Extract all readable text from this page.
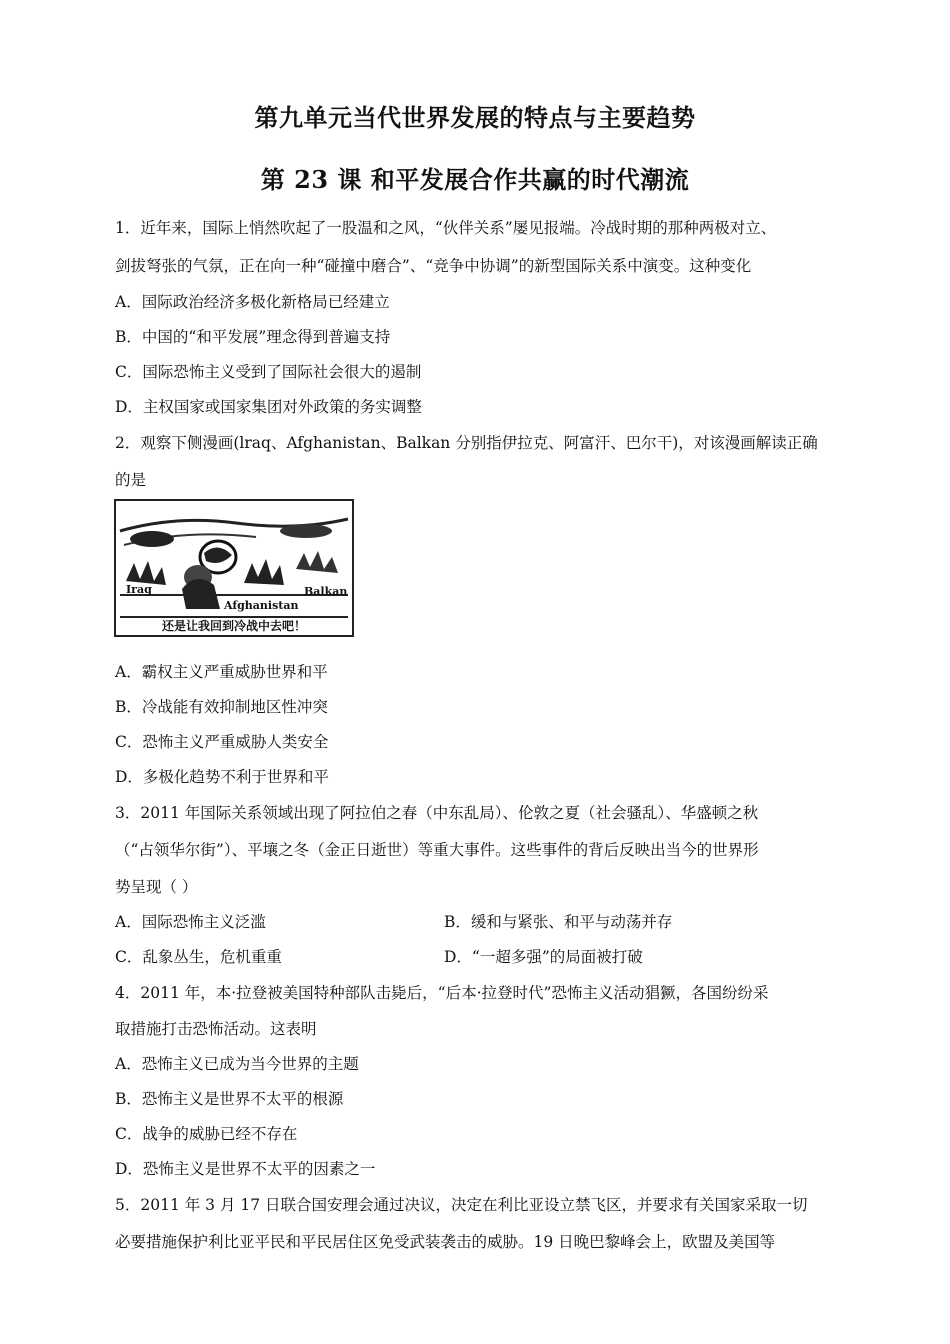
第九单元当代世界发展的特点与主要趋势
第 23 课 和平发展合作共赢的时代潮流
1．近年来，国际上悄然吹起了一股温和之风，“伙伴关系”屡见报端。冷战时期的那种两极对立、
剑拔弩张的气氛，正在向一种“碰撞中磨合”、“竞争中协调”的新型国际关系中演变。这种变化
A．国际政治经济多极化新格局已经建立
B．中国的“和平发展”理念得到普遍支持
C．国际恐怖主义受到了国际社会很大的遏制
D．主权国家或国家集团对外政策的务实调整
2．观察下侧漫画(lraq、Afghanistan、Balkan 分别指伊拉克、阿富汗、巴尔干)，对该漫画解读正确
的是
Iraq
Afghanistan
Balkan
还是让我回到冷战中去吧！
A．霸权主义严重威胁世界和平
B．冷战能有效抑制地区性冲突
C．恐怖主义严重威胁人类安全
D．多极化趋势不利于世界和平
3．2011 年国际关系领域出现了阿拉伯之春（中东乱局）、伦敦之夏（社会骚乱）、华盛顿之秋
（“占领华尔街”）、平壤之冬（金正日逝世）等重大事件。这些事件的背后反映出当今的世界形
势呈现（ ）
A．国际恐怖主义泛滥	B．缓和与紧张、和平与动荡并存
C．乱象丛生，危机重重	D．“一超多强”的局面被打破
4．2011 年，本·拉登被美国特种部队击毙后，“后本·拉登时代”恐怖主义活动猖獗，各国纷纷采
取措施打击恐怖活动。这表明
A．恐怖主义已成为当今世界的主题
B．恐怖主义是世界不太平的根源
C．战争的威胁已经不存在
D．恐怖主义是世界不太平的因素之一
5．2011 年 3 月 17 日联合国安理会通过决议，决定在利比亚设立禁飞区，并要求有关国家采取一切
必要措施保护利比亚平民和平民居住区免受武装袭击的威胁。19 日晚巴黎峰会上，欧盟及美国等
